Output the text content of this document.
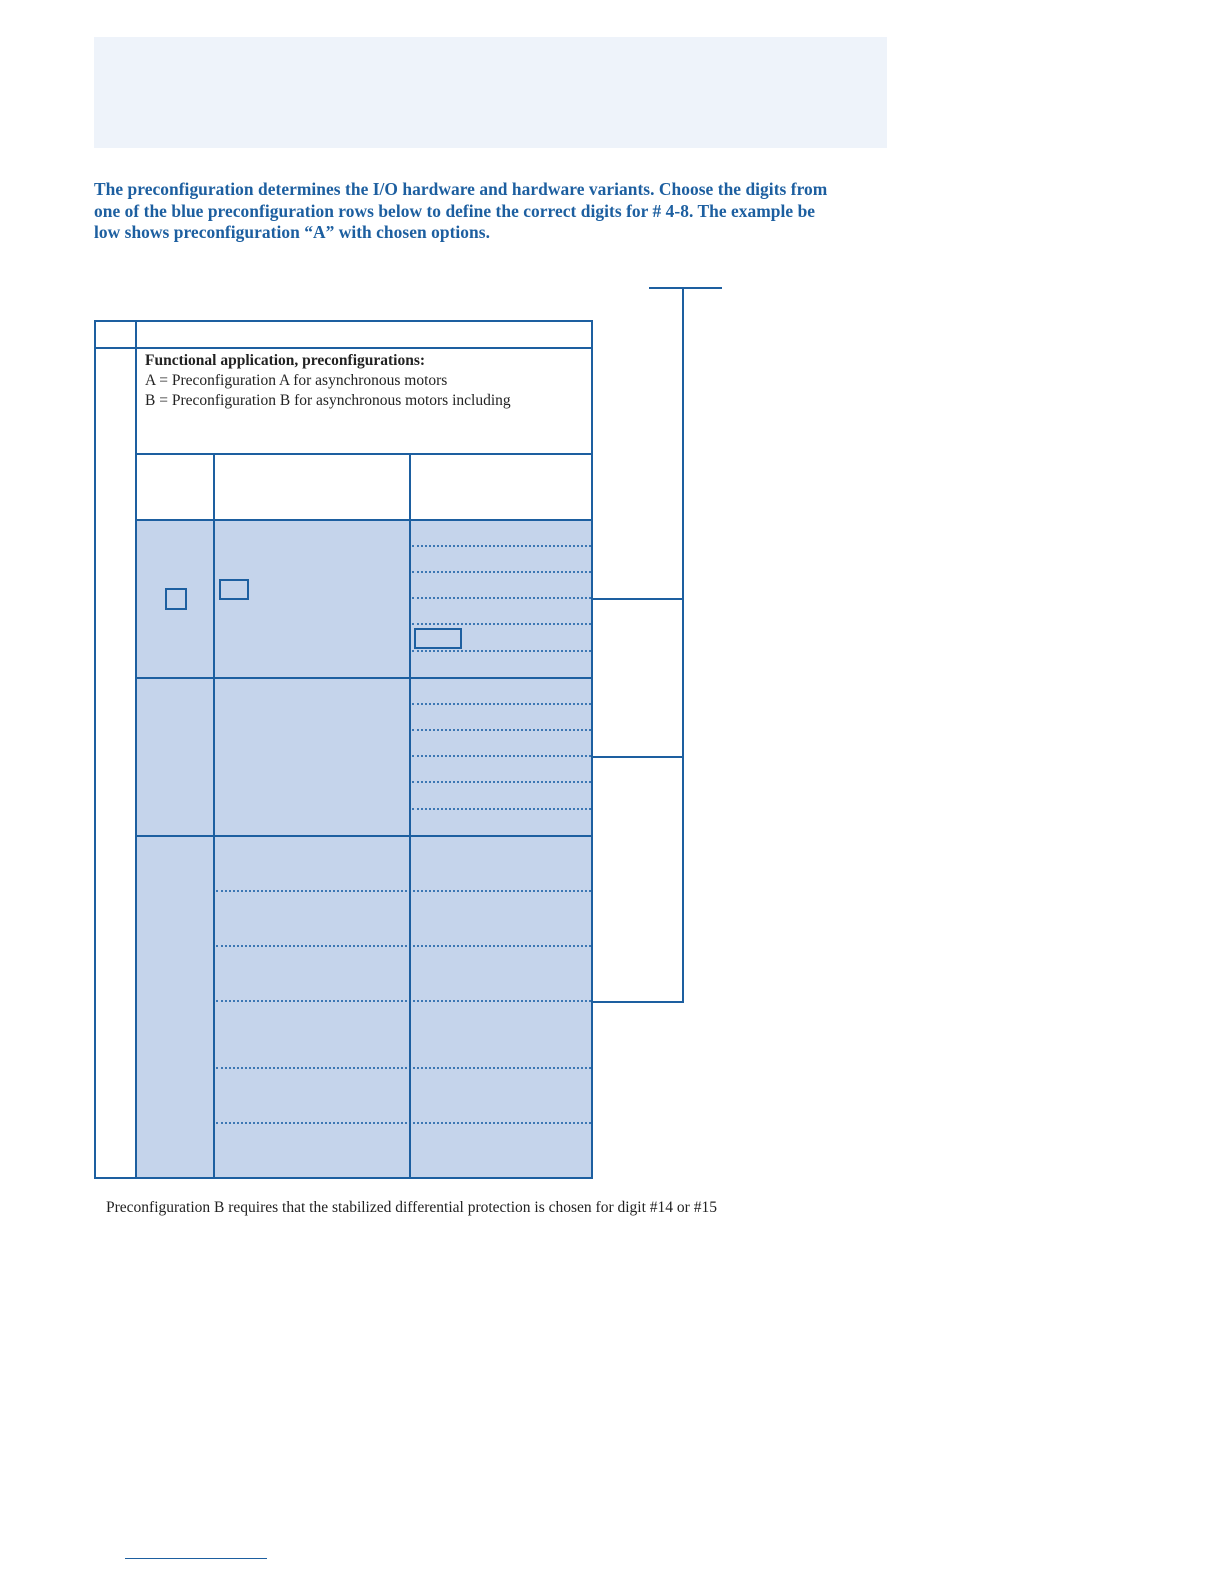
The preconfiguration determines the I/O hardware and hardware variants. Choose the digits from
one of the blue preconfiguration rows below to define the correct digits for # 4-8. The example be
low shows preconfiguration “A” with chosen options.
Functional application, preconfigurations:
A = Preconfiguration A for asynchronous motors
B = Preconfiguration B for asynchronous motors including
Preconfiguration B requires that the stabilized differential protection is chosen for digit #14 or #15
